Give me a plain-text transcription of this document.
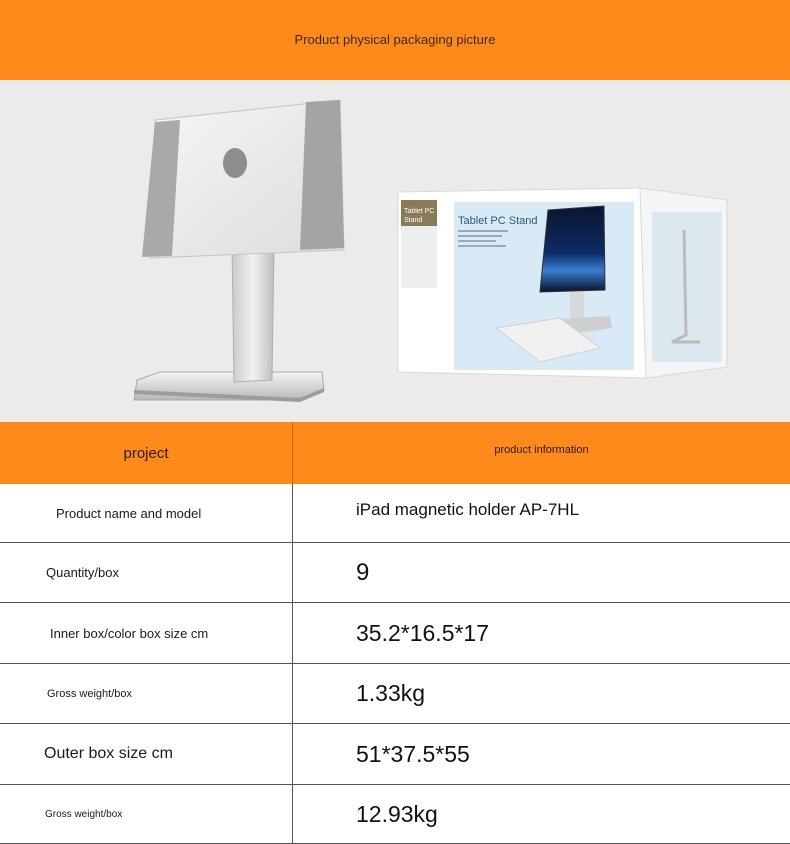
Product physical packaging picture
Tablet PC
Stand	Tablet PC Stand
project	product information
Product name and model	iPad magnetic holder AP-7HL
Quantity/box	9
Inner box/color box size cm	35.2*16.5*17
Gross weight/box	1.33kg
Outer box size cm	51*37.5*55
Gross weight/box	12.93kg
